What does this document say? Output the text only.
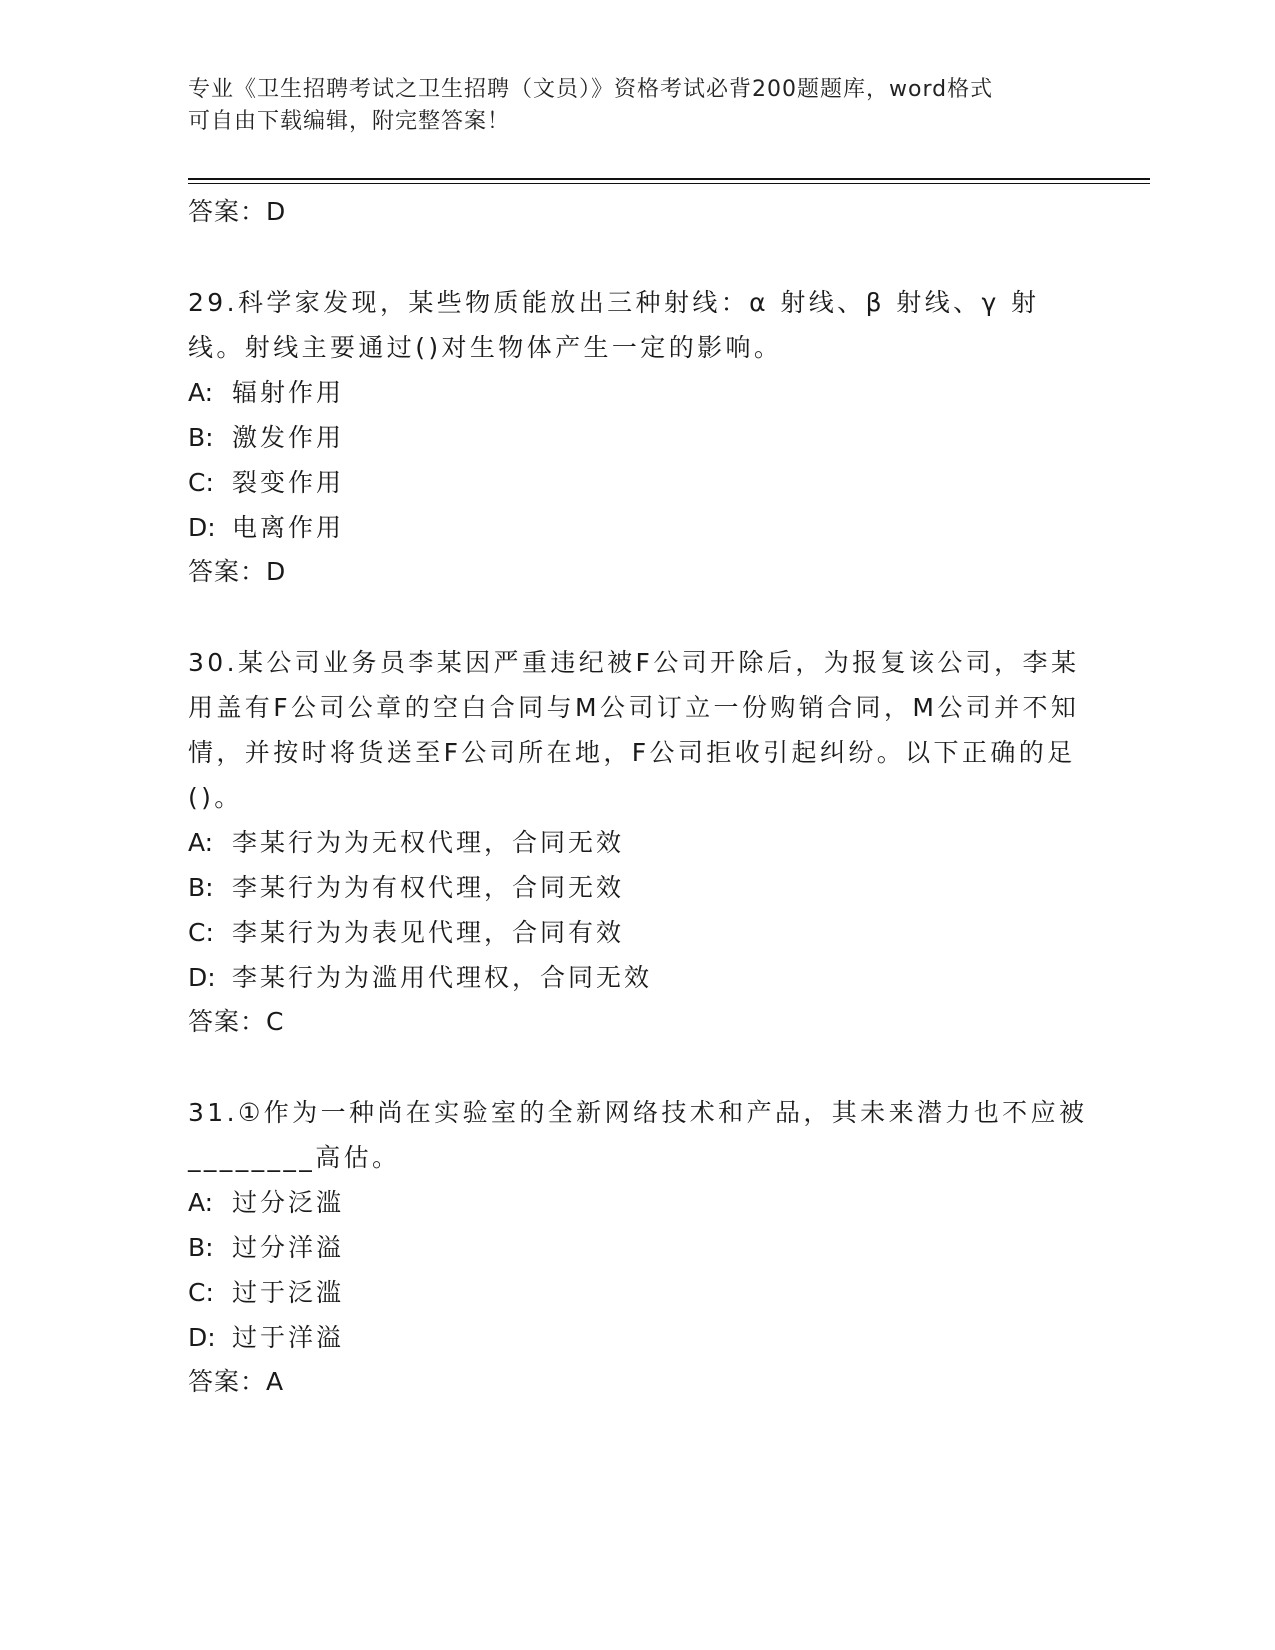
专业《卫生招聘考试之卫生招聘（文员）》资格考试必背200题题库，word格式
可自由下载编辑，附完整答案！

答案：D

29.科学家发现，某些物质能放出三种射线：α 射线、β 射线、γ 射线。射线主要通过()对生物体产生一定的影响。

A: 辐射作用
B: 激发作用
C: 裂变作用
D: 电离作用

答案：D

30.某公司业务员李某因严重违纪被F公司开除后，为报复该公司，李某用盖有F公司公章的空白合同与M公司订立一份购销合同，M公司并不知情，并按时将货送至F公司所在地，F公司拒收引起纠纷。以下正确的足()。

A: 李某行为为无权代理，合同无效
B: 李某行为为有权代理，合同无效
C: 李某行为为表见代理，合同有效
D: 李某行为为滥用代理权，合同无效

答案：C

31.①作为一种尚在实验室的全新网络技术和产品，其未来潜力也不应被________高估。

A: 过分泛滥
B: 过分洋溢
C: 过于泛滥
D: 过于洋溢

答案：A
